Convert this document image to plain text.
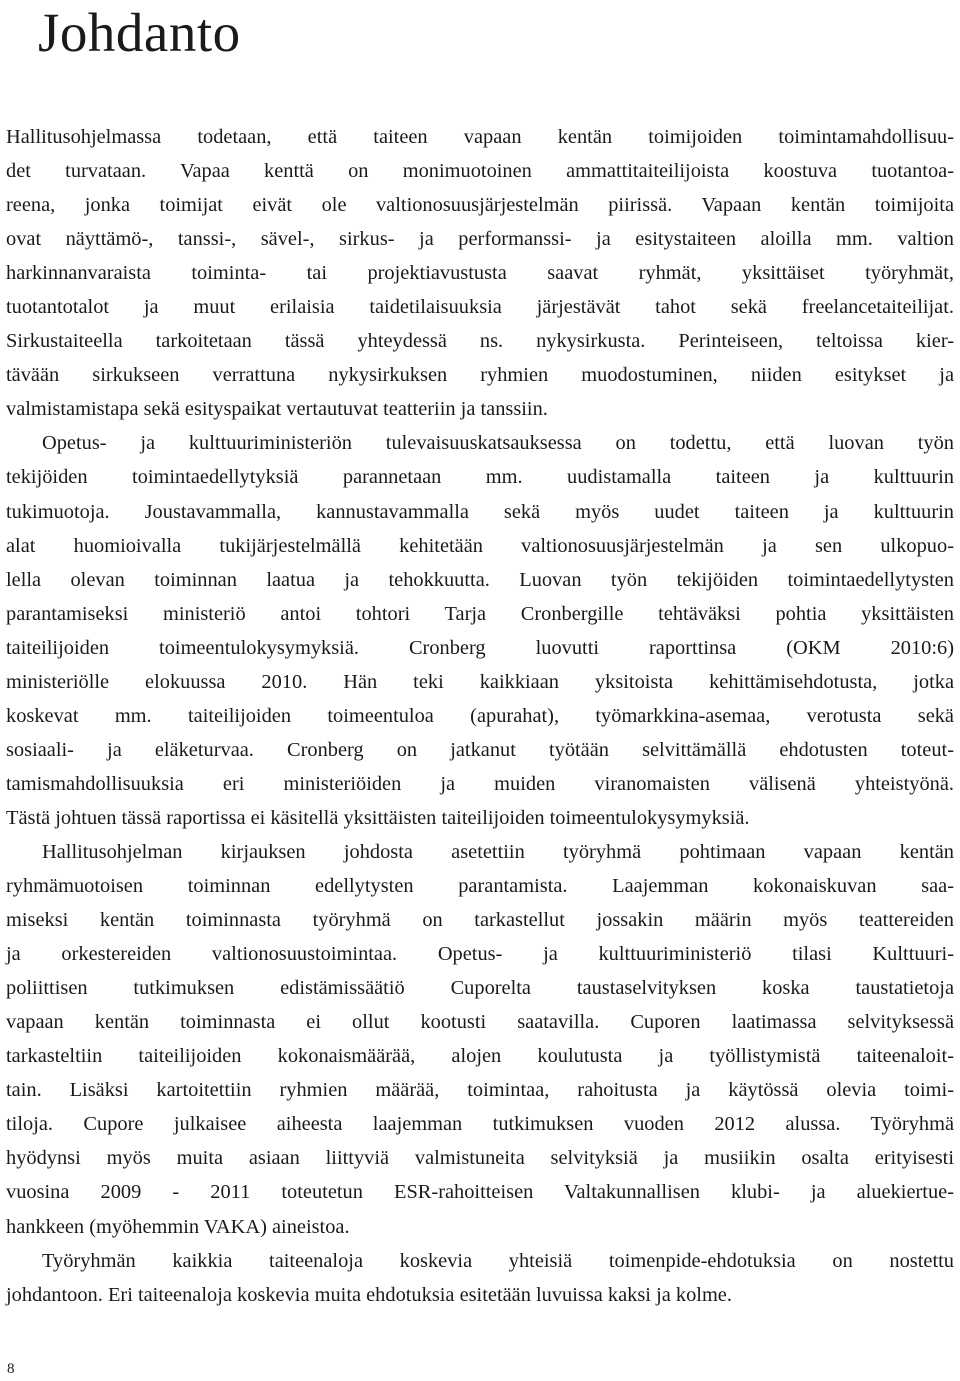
Johdanto
Hallitusohjelmassa todetaan, että taiteen vapaan kentän toimijoiden toimintamahdollisuu-
det turvataan. Vapaa kenttä on monimuotoinen ammattitaiteilijoista koostuva tuotantoa-
reena, jonka toimijat eivät ole valtionosuusjärjestelmän piirissä. Vapaan kentän toimijoita
ovat näyttämö-, tanssi-, sävel-, sirkus- ja performanssi- ja esitystaiteen aloilla mm. valtion
harkinnanvaraista toiminta- tai projektiavustusta saavat ryhmät, yksittäiset työryhmät,
tuotantotalot ja muut erilaisia taidetilaisuuksia järjestävät tahot sekä freelancetaiteilijat.
Sirkustaiteella tarkoitetaan tässä yhteydessä ns. nykysirkusta. Perinteiseen, teltoissa kier-
tävään sirkukseen verrattuna nykysirkuksen ryhmien muodostuminen, niiden esitykset ja
valmistamistapa sekä esityspaikat vertautuvat teatteriin ja tanssiin.
Opetus- ja kulttuuriministeriön tulevaisuuskatsauksessa on todettu, että luovan työn
tekijöiden toimintaedellytyksiä parannetaan mm. uudistamalla taiteen ja kulttuurin
tukimuotoja. Joustavammalla, kannustavammalla sekä myös uudet taiteen ja kulttuurin
alat huomioivalla tukijärjestelmällä kehitetään valtionosuusjärjestelmän ja sen ulkopuo-
lella olevan toiminnan laatua ja tehokkuutta. Luovan työn tekijöiden toimintaedellytysten
parantamiseksi ministeriö antoi tohtori Tarja Cronbergille tehtäväksi pohtia yksittäisten
taiteilijoiden toimeentulokysymyksiä. Cronberg luovutti raporttinsa (OKM 2010:6)
ministeriölle elokuussa 2010. Hän teki kaikkiaan yksitoista kehittämisehdotusta, jotka
koskevat mm. taiteilijoiden toimeentuloa (apurahat), työmarkkina-asemaa, verotusta sekä
sosiaali- ja eläketurvaa. Cronberg on jatkanut työtään selvittämällä ehdotusten toteut-
tamismahdollisuuksia eri ministeriöiden ja muiden viranomaisten välisenä yhteistyönä.
Tästä johtuen tässä raportissa ei käsitellä yksittäisten taiteilijoiden toimeentulokysymyksiä.
Hallitusohjelman kirjauksen johdosta asetettiin työryhmä pohtimaan vapaan kentän
ryhmämuotoisen toiminnan edellytysten parantamista. Laajemman kokonaiskuvan saa-
miseksi kentän toiminnasta työryhmä on tarkastellut jossakin määrin myös teattereiden
ja orkestereiden valtionosuustoimintaa. Opetus- ja kulttuuriministeriö tilasi Kulttuuri-
poliittisen tutkimuksen edistämissäätiö Cuporelta taustaselvityksen koska taustatietoja
vapaan kentän toiminnasta ei ollut kootusti saatavilla. Cuporen laatimassa selvityksessä
tarkasteltiin taiteilijoiden kokonaismäärää, alojen koulutusta ja työllistymistä taiteenaloit-
tain. Lisäksi kartoitettiin ryhmien määrää, toimintaa, rahoitusta ja käytössä olevia toimi-
tiloja. Cupore julkaisee aiheesta laajemman tutkimuksen vuoden 2012 alussa. Työryhmä
hyödynsi myös muita asiaan liittyviä valmistuneita selvityksiä ja musiikin osalta erityisesti
vuosina 2009 - 2011 toteutetun ESR-rahoitteisen Valtakunnallisen klubi- ja aluekiertue-
hankkeen (myöhemmin VAKA) aineistoa.
Työryhmän kaikkia taiteenaloja koskevia yhteisiä toimenpide-ehdotuksia on nostettu
johdantoon. Eri taiteenaloja koskevia muita ehdotuksia esitetään luvuissa kaksi ja kolme.
8
